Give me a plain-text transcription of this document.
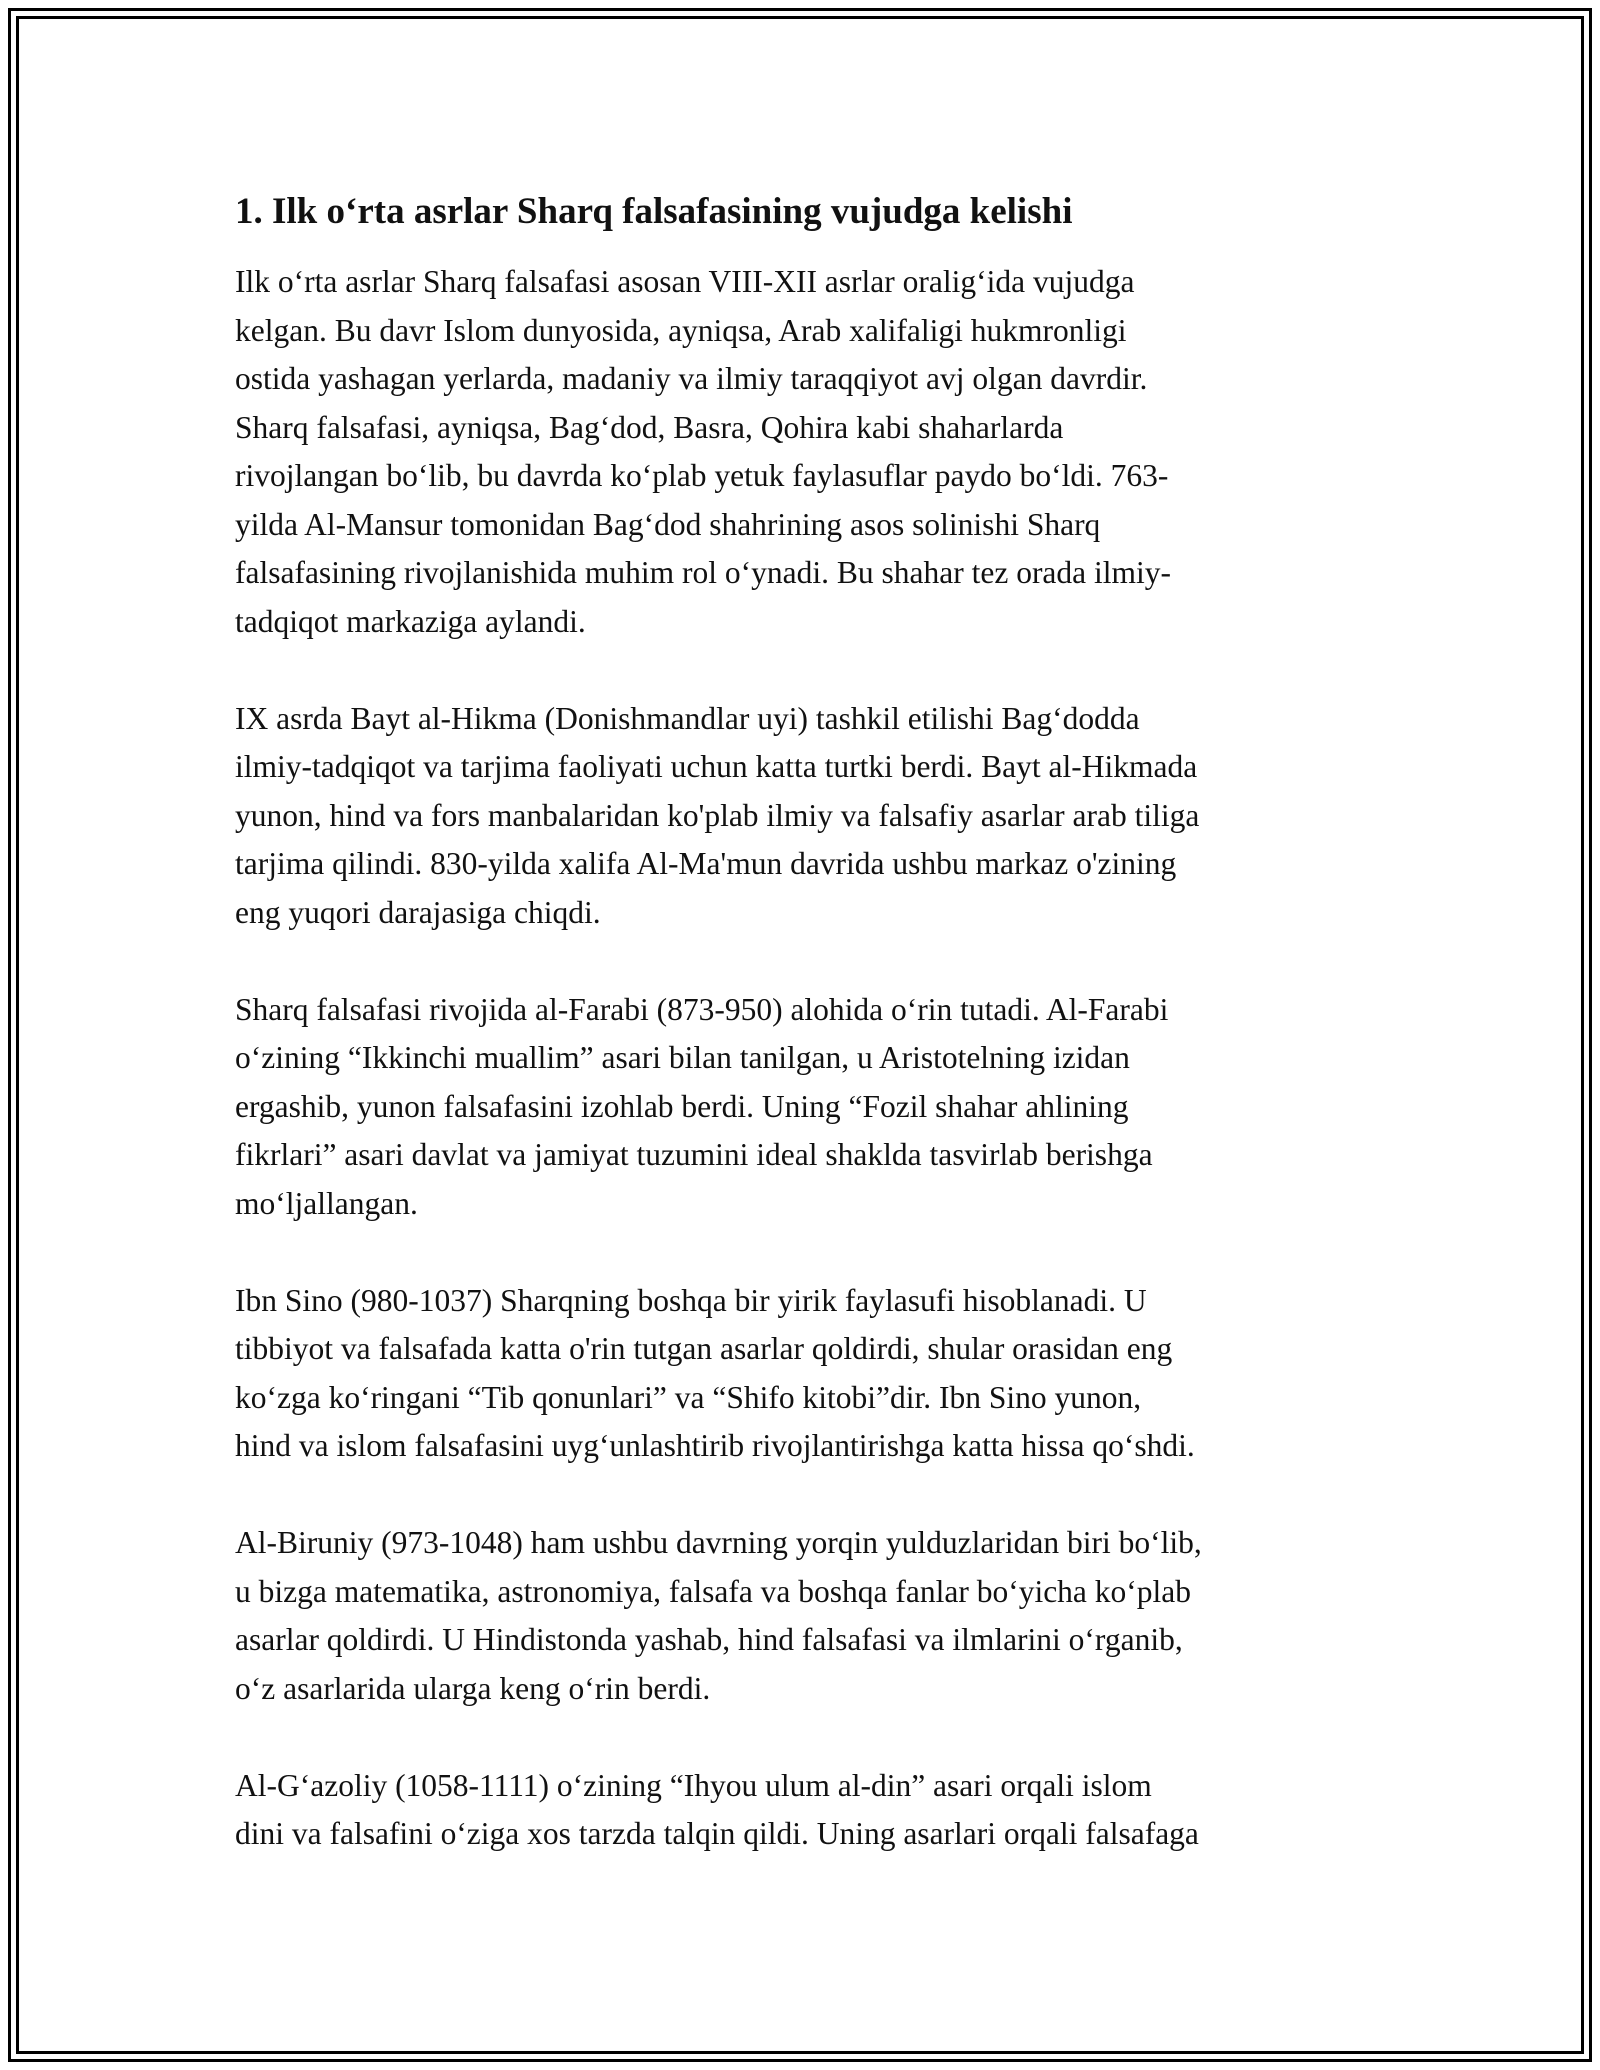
1. Ilk o‘rta asrlar Sharq falsafasining vujudga kelishi

Ilk o‘rta asrlar Sharq falsafasi asosan VIII-XII asrlar oralig‘ida vujudga
kelgan. Bu davr Islom dunyosida, ayniqsa, Arab xalifaligi hukmronligi
ostida yashagan yerlarda, madaniy va ilmiy taraqqiyot avj olgan davrdir.
Sharq falsafasi, ayniqsa, Bag‘dod, Basra, Qohira kabi shaharlarda
rivojlangan bo‘lib, bu davrda ko‘plab yetuk faylasuflar paydo bo‘ldi. 763-
yilda Al-Mansur tomonidan Bag‘dod shahrining asos solinishi Sharq
falsafasining rivojlanishida muhim rol o‘ynadi. Bu shahar tez orada ilmiy-
tadqiqot markaziga aylandi.

IX asrda Bayt al-Hikma (Donishmandlar uyi) tashkil etilishi Bag‘dodda
ilmiy-tadqiqot va tarjima faoliyati uchun katta turtki berdi. Bayt al-Hikmada
yunon, hind va fors manbalaridan ko'plab ilmiy va falsafiy asarlar arab tiliga
tarjima qilindi. 830-yilda xalifa Al-Ma'mun davrida ushbu markaz o'zining
eng yuqori darajasiga chiqdi.

Sharq falsafasi rivojida al-Farabi (873-950) alohida o‘rin tutadi. Al-Farabi
o‘zining “Ikkinchi muallim” asari bilan tanilgan, u Aristotelning izidan
ergashib, yunon falsafasini izohlab berdi. Uning “Fozil shahar ahlining
fikrlari” asari davlat va jamiyat tuzumini ideal shaklda tasvirlab berishga
mo‘ljallangan.

Ibn Sino (980-1037) Sharqning boshqa bir yirik faylasufi hisoblanadi. U
tibbiyot va falsafada katta o'rin tutgan asarlar qoldirdi, shular orasidan eng
ko‘zga ko‘ringani “Tib qonunlari” va “Shifo kitobi”dir. Ibn Sino yunon,
hind va islom falsafasini uyg‘unlashtirib rivojlantirishga katta hissa qo‘shdi.

Al-Biruniy (973-1048) ham ushbu davrning yorqin yulduzlaridan biri bo‘lib,
u bizga matematika, astronomiya, falsafa va boshqa fanlar bo‘yicha ko‘plab
asarlar qoldirdi. U Hindistonda yashab, hind falsafasi va ilmlarini o‘rganib,
o‘z asarlarida ularga keng o‘rin berdi.

Al-G‘azoliy (1058-1111) o‘zining “Ihyou ulum al-din” asari orqali islom
dini va falsafini o‘ziga xos tarzda talqin qildi. Uning asarlari orqali falsafaga
